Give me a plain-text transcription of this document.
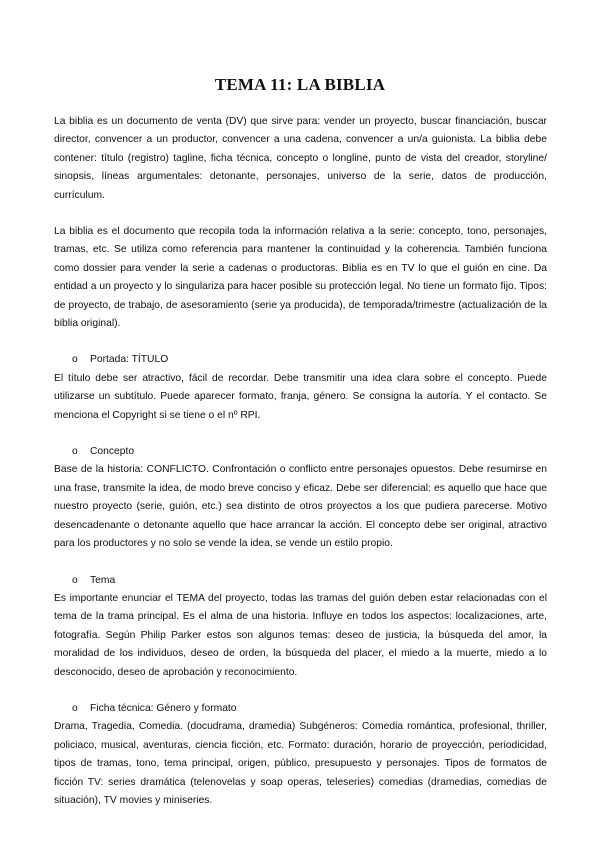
TEMA 11: LA BIBLIA

La biblia es un documento de venta (DV) que sirve para: vender un proyecto, buscar financiación, buscar director, convencer a un productor, convencer a una cadena, convencer a un/a guionista. La biblia debe contener: título (registro) tagline, ficha técnica, concepto o longline, punto de vista del creador, storyline/ sinopsis, líneas argumentales: detonante, personajes, universo de la serie, datos de producción, currículum.

La biblia es el documento que recopila toda la información relativa a la serie: concepto, tono, personajes, tramas, etc. Se utiliza como referencia para mantener la continuidad y la coherencia. También funciona como dossier para vender la serie a cadenas o productoras. Biblia es en TV lo que el guión en cine. Da entidad a un proyecto y lo singulariza para hacer posible su protección legal. No tiene un formato fijo. Tipos: de proyecto, de trabajo, de asesoramiento (serie ya producida), de temporada/trimestre (actualización de la biblia original).

o Portada: TÍTULO

El título debe ser atractivo, fácil de recordar. Debe transmitir una idea clara sobre el concepto. Puede utilizarse un subtítulo. Puede aparecer formato, franja, género. Se consigna la autoría. Y el contacto. Se menciona el Copyright si se tiene o el nº RPI.

o Concepto

Base de la historia: CONFLICTO. Confrontación o conflicto entre personajes opuestos. Debe resumirse en una frase, transmite la idea, de modo breve conciso y eficaz. Debe ser diferencial: es aquello que hace que nuestro proyecto (serie, guión, etc.) sea distinto de otros proyectos a los que pudiera parecerse. Motivo desencadenante o detonante aquello que hace arrancar la acción. El concepto debe ser original, atractivo para los productores y no solo se vende la idea, se vende un estilo propio.

o Tema

Es importante enunciar el TEMA del proyecto, todas las tramas del guión deben estar relacionadas con el tema de la trama principal. Es el alma de una historia. Influye en todos los aspectos: localizaciones, arte, fotografía. Según Philip Parker estos son algunos temas: deseo de justicia, la búsqueda del amor, la moralidad de los individuos, deseo de orden, la búsqueda del placer, el miedo a la muerte, miedo a lo desconocido, deseo de aprobación y reconocimiento.

o Ficha técnica: Género y formato

Drama, Tragedia, Comedia. (docudrama, dramedia) Subgéneros: Comedia romántica, profesional, thriller, policiaco, musical, aventuras, ciencia ficción, etc. Formato: duración, horario de proyección, periodicidad, tipos de tramas, tono, tema principal, origen, público, presupuesto y personajes. Tipos de formatos de ficción TV: series dramática (telenovelas y soap operas, teleseries) comedias (dramedias, comedias de situación), TV movies y miniseries.
